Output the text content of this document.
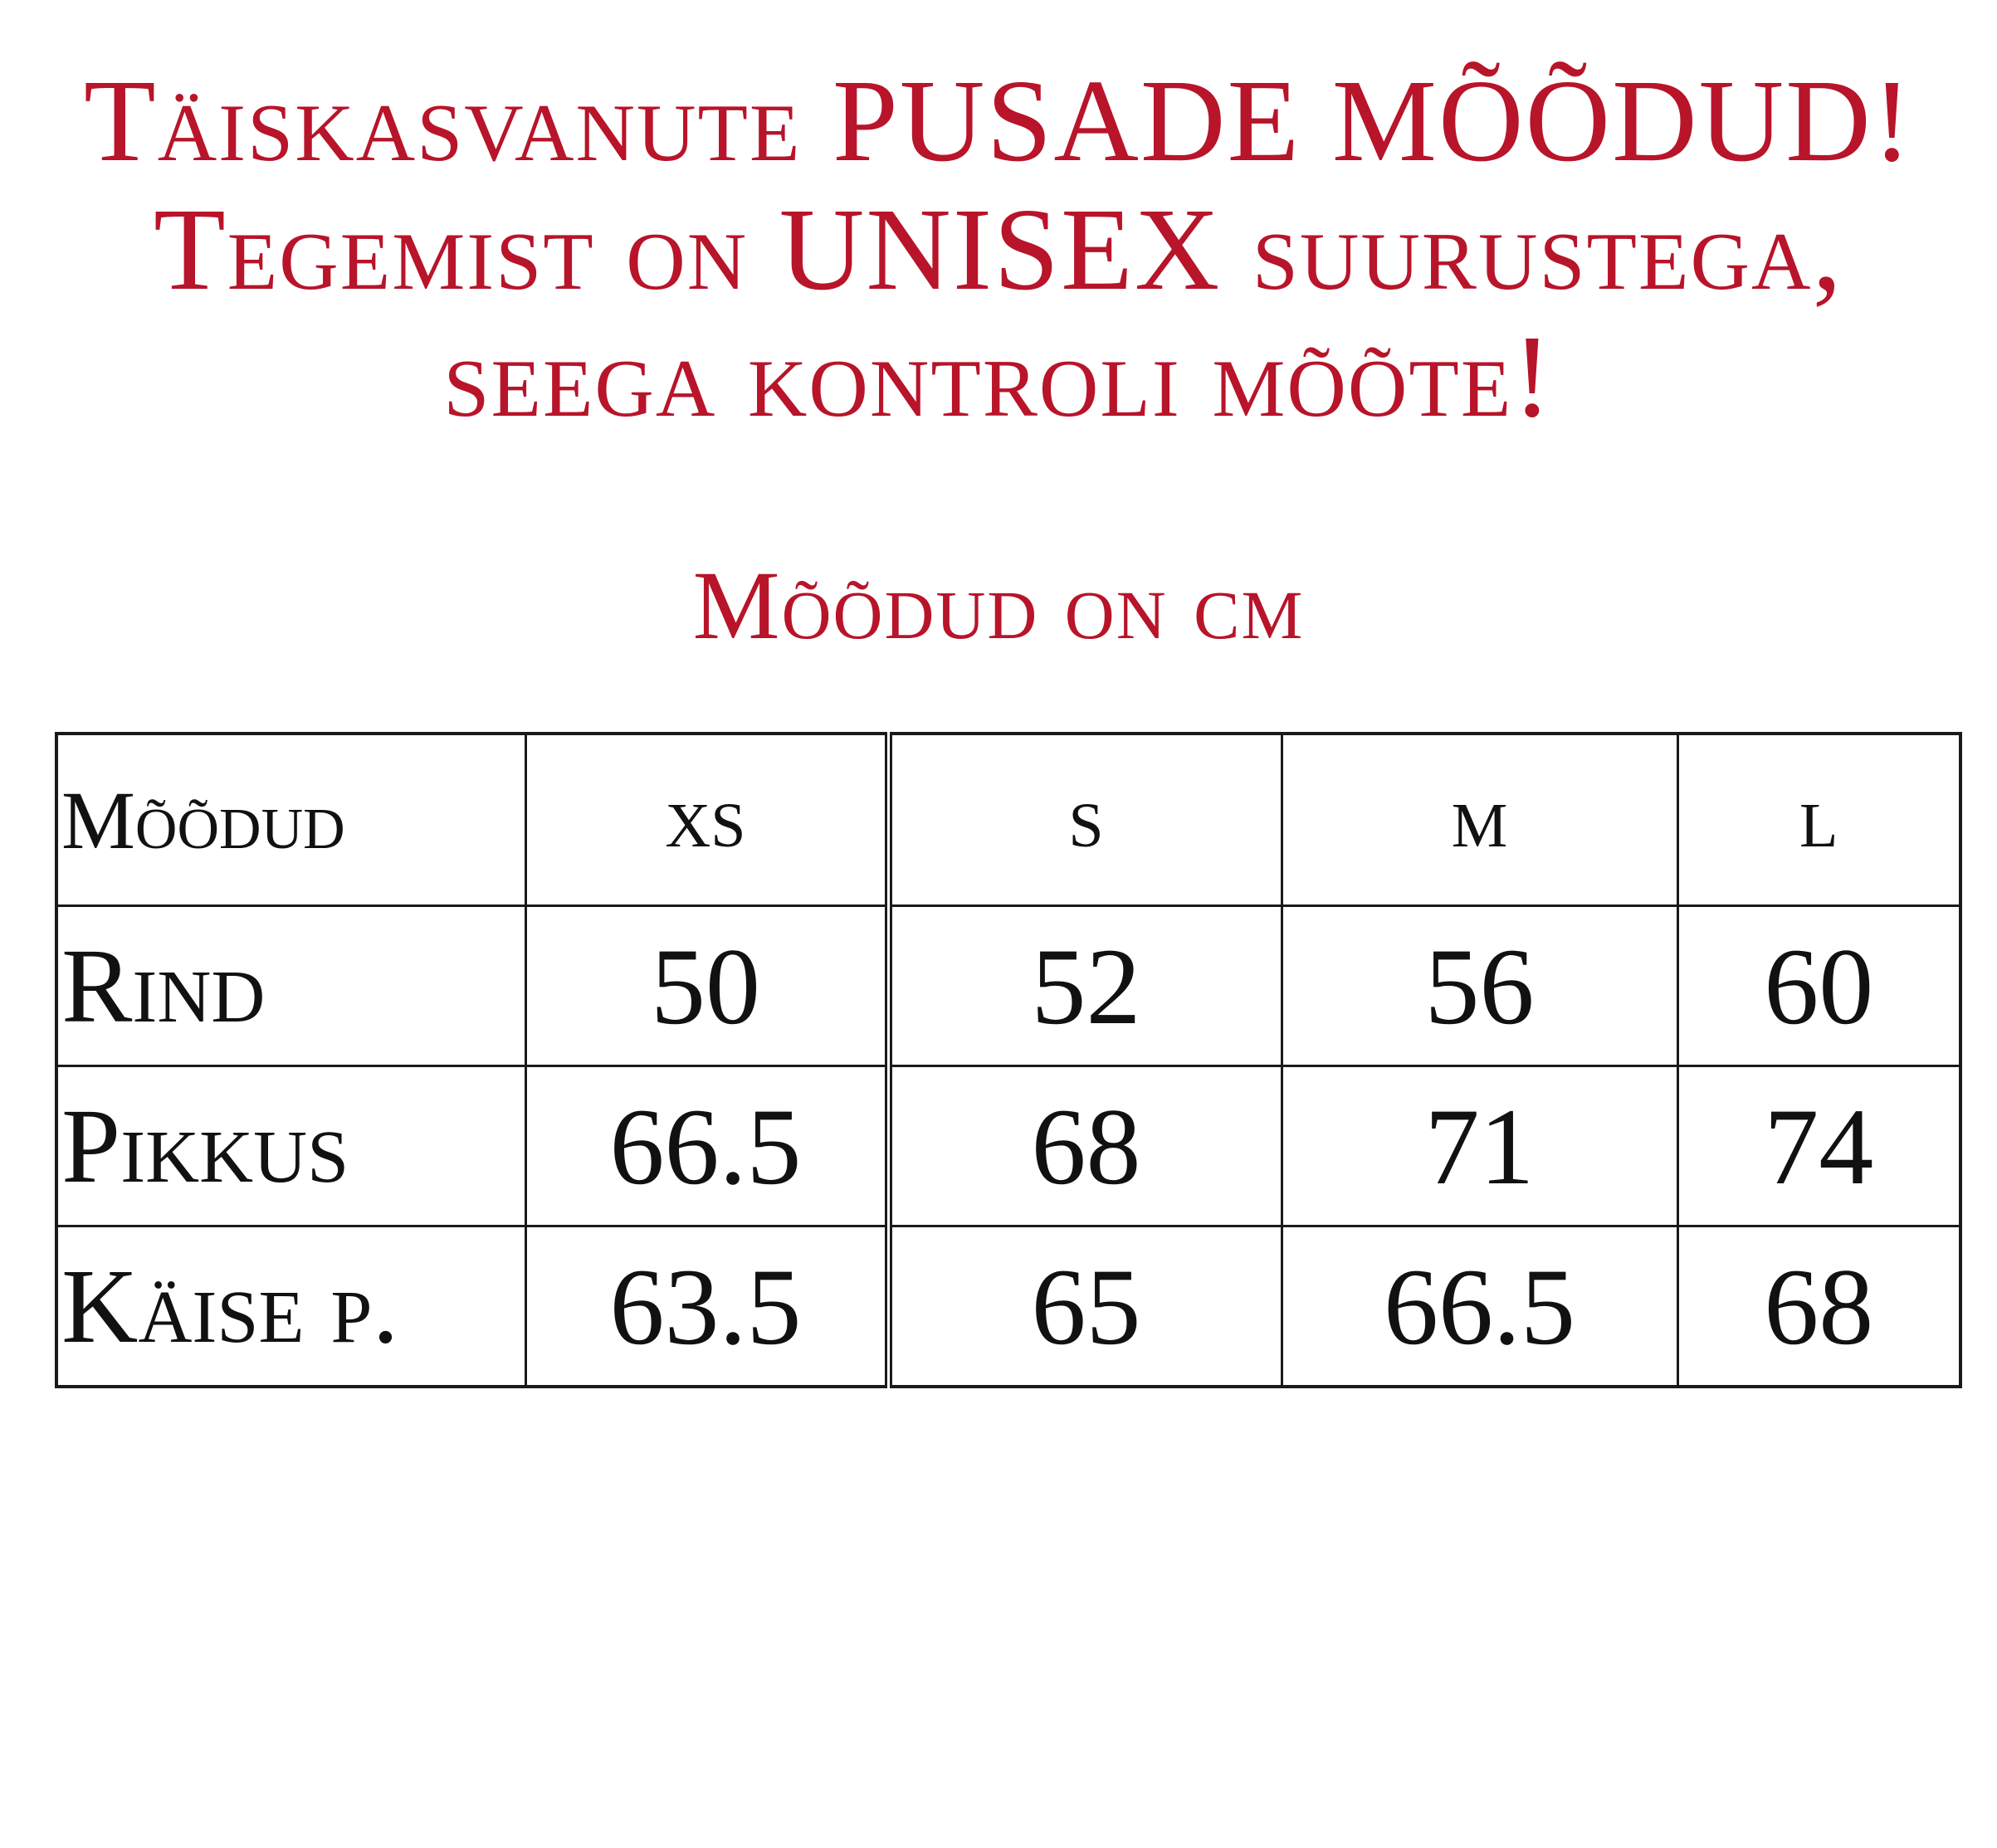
Täiskasvanute PUSADE MÕÕDUD!
Tegemist on UNISEX suurustega,
seega kontroli mõõte!
Mõõdud on cm
Mõõdud	XS	S	M	L
Rind	50	52	56	60
Pikkus	66.5	68	71	74
Käise p.	63.5	65	66.5	68
